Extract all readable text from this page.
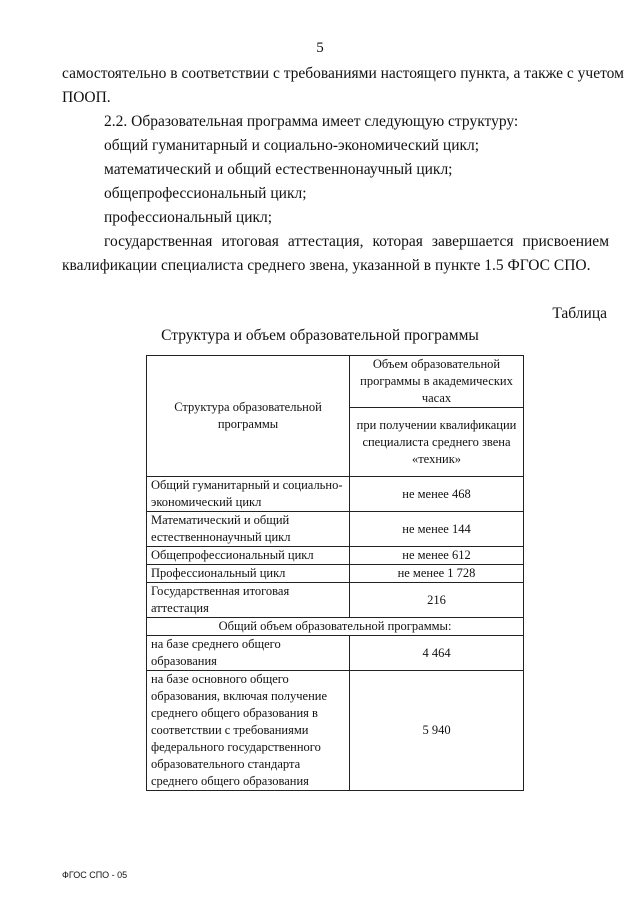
5
самостоятельно в соответствии с требованиями настоящего пункта, а также с учетом
ПООП.
2.2. Образовательная программа имеет следующую структуру:
общий гуманитарный и социально-экономический цикл;
математический и общий естественнонаучный цикл;
общепрофессиональный цикл;
профессиональный цикл;
государственная итоговая аттестация, которая завершается присвоением
квалификации специалиста среднего звена, указанной в пункте 1.5 ФГОС СПО.
Таблица
Структура и объем образовательной программы
Структура образовательной программы	Объем образовательной программы в академических часах
	при получении квалификации специалиста среднего звена «техник»
Общий гуманитарный и социально-экономический цикл	не менее 468
Математический и общий естественнонаучный цикл	не менее 144
Общепрофессиональный цикл	не менее 612
Профессиональный цикл	не менее 1 728
Государственная итоговая аттестация	216
Общий объем образовательной программы:	
на базе среднего общего образования	4 464
на базе основного общего образования, включая получение среднего общего образования в соответствии с требованиями федерального государственного образовательного стандарта среднего общего образования	5 940
ФГОС СПО - 05
